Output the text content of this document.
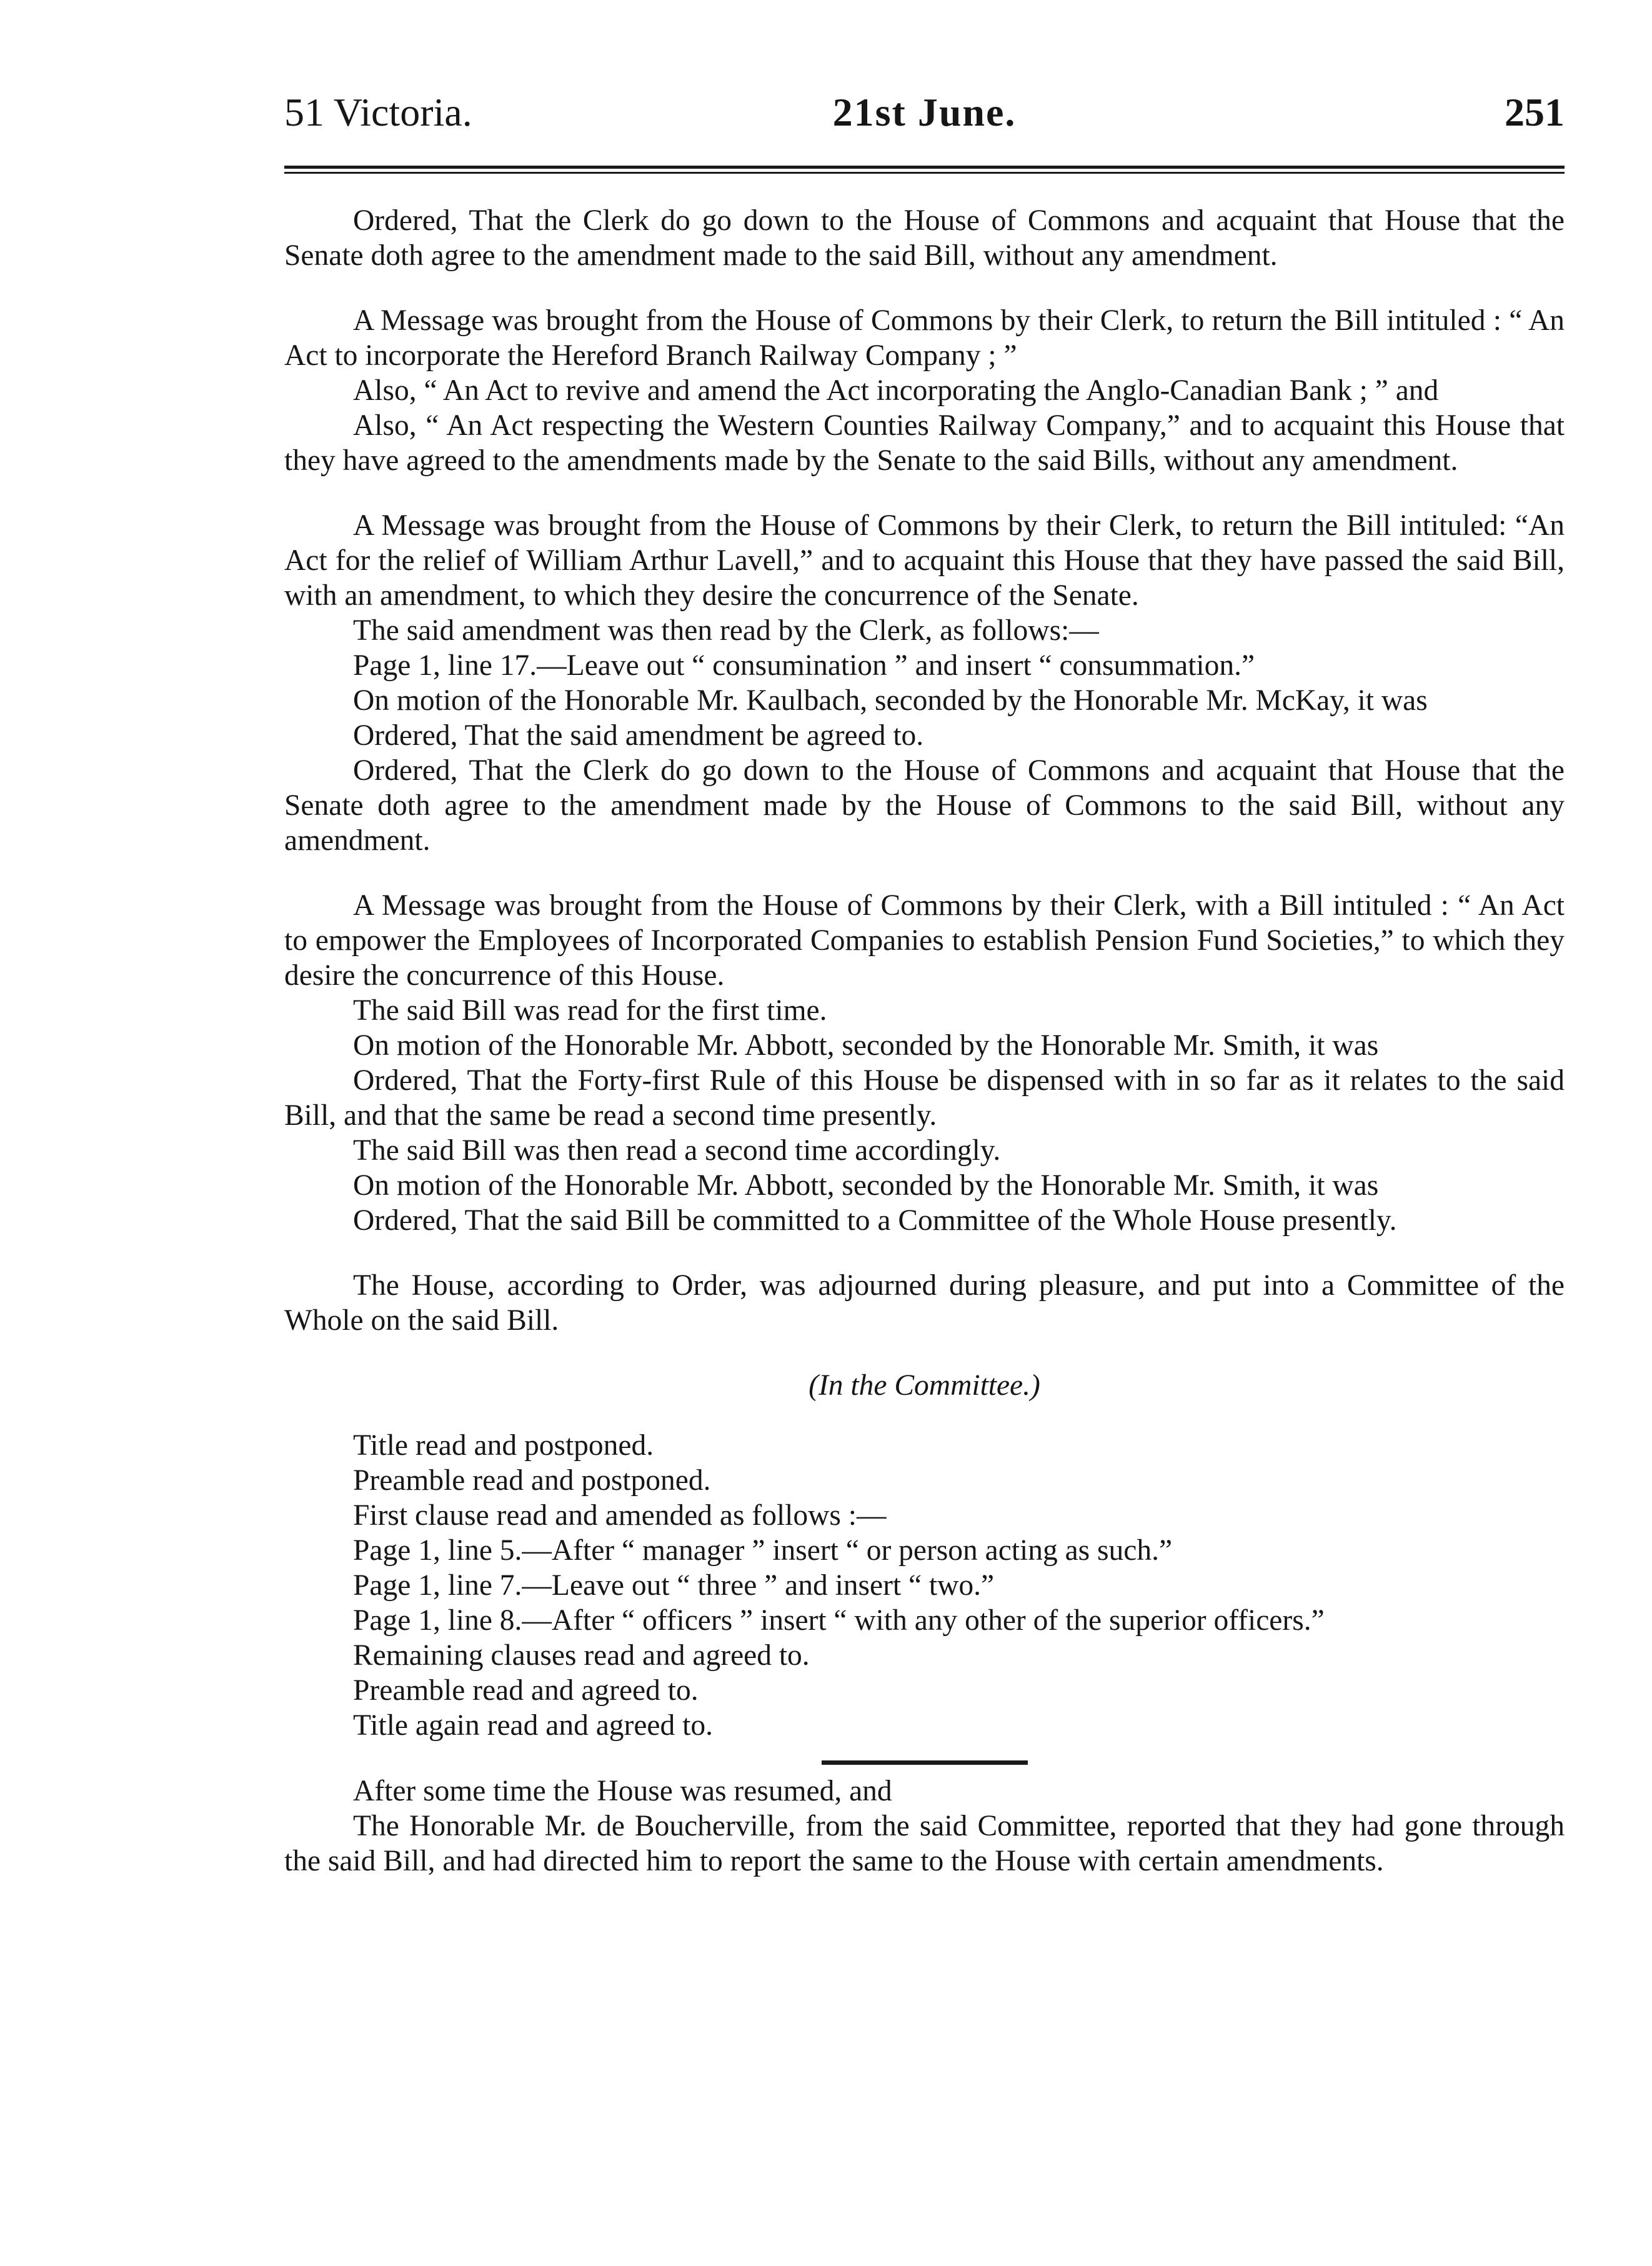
51 Victoria.	21st June.	251

Ordered, That the Clerk do go down to the House of Commons and acquaint that House that the Senate doth agree to the amendment made to the said Bill, without any amendment.

A Message was brought from the House of Commons by their Clerk, to return the Bill intituled : “ An Act to incorporate the Hereford Branch Railway Company ; ”

Also, “ An Act to revive and amend the Act incorporating the Anglo-Canadian Bank ; ” and

Also, “ An Act respecting the Western Counties Railway Company,” and to acquaint this House that they have agreed to the amendments made by the Senate to the said Bills, without any amendment.

A Message was brought from the House of Commons by their Clerk, to return the Bill intituled: “An Act for the relief of William Arthur Lavell,” and to acquaint this House that they have passed the said Bill, with an amendment, to which they desire the concurrence of the Senate.

The said amendment was then read by the Clerk, as follows:—

Page 1, line 17.—Leave out “ consumination ” and insert “ consummation.”

On motion of the Honorable Mr. Kaulbach, seconded by the Honorable Mr. McKay, it was

Ordered, That the said amendment be agreed to.

Ordered, That the Clerk do go down to the House of Commons and acquaint that House that the Senate doth agree to the amendment made by the House of Commons to the said Bill, without any amendment.

A Message was brought from the House of Commons by their Clerk, with a Bill intituled : “ An Act to empower the Employees of Incorporated Companies to establish Pension Fund Societies,” to which they desire the concurrence of this House.

The said Bill was read for the first time.

On motion of the Honorable Mr. Abbott, seconded by the Honorable Mr. Smith, it was

Ordered, That the Forty-first Rule of this House be dispensed with in so far as it relates to the said Bill, and that the same be read a second time presently.

The said Bill was then read a second time accordingly.

On motion of the Honorable Mr. Abbott, seconded by the Honorable Mr. Smith, it was

Ordered, That the said Bill be committed to a Committee of the Whole House presently.

The House, according to Order, was adjourned during pleasure, and put into a Committee of the Whole on the said Bill.

(In the Committee.)

Title read and postponed.

Preamble read and postponed.

First clause read and amended as follows :—

Page 1, line 5.—After “ manager ” insert “ or person acting as such.”

Page 1, line 7.—Leave out “ three ” and insert “ two.”

Page 1, line 8.—After “ officers ” insert “ with any other of the superior officers.”

Remaining clauses read and agreed to.

Preamble read and agreed to.

Title again read and agreed to.

After some time the House was resumed, and

The Honorable Mr. de Boucherville, from the said Committee, reported that they had gone through the said Bill, and had directed him to report the same to the House with certain amendments.
